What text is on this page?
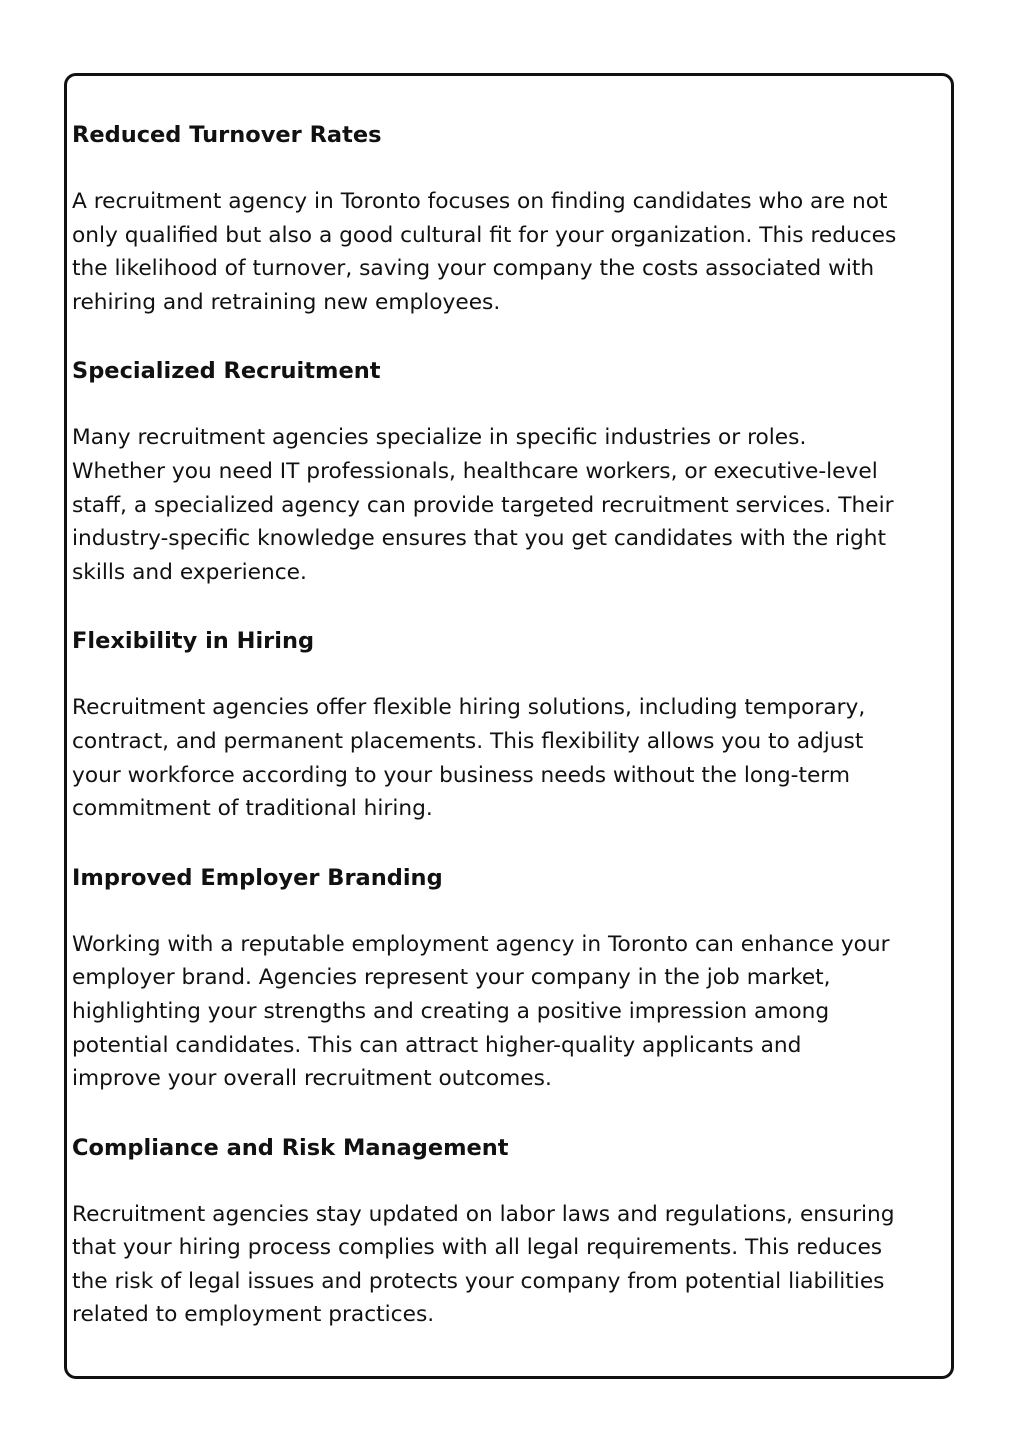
Reduced Turnover Rates

A recruitment agency in Toronto focuses on finding candidates who are not
only qualified but also a good cultural fit for your organization. This reduces
the likelihood of turnover, saving your company the costs associated with
rehiring and retraining new employees.

Specialized Recruitment

Many recruitment agencies specialize in specific industries or roles.
Whether you need IT professionals, healthcare workers, or executive-level
staff, a specialized agency can provide targeted recruitment services. Their
industry-specific knowledge ensures that you get candidates with the right
skills and experience.

Flexibility in Hiring

Recruitment agencies offer flexible hiring solutions, including temporary,
contract, and permanent placements. This flexibility allows you to adjust
your workforce according to your business needs without the long-term
commitment of traditional hiring.

Improved Employer Branding

Working with a reputable employment agency in Toronto can enhance your
employer brand. Agencies represent your company in the job market,
highlighting your strengths and creating a positive impression among
potential candidates. This can attract higher-quality applicants and
improve your overall recruitment outcomes.

Compliance and Risk Management

Recruitment agencies stay updated on labor laws and regulations, ensuring
that your hiring process complies with all legal requirements. This reduces
the risk of legal issues and protects your company from potential liabilities
related to employment practices.
